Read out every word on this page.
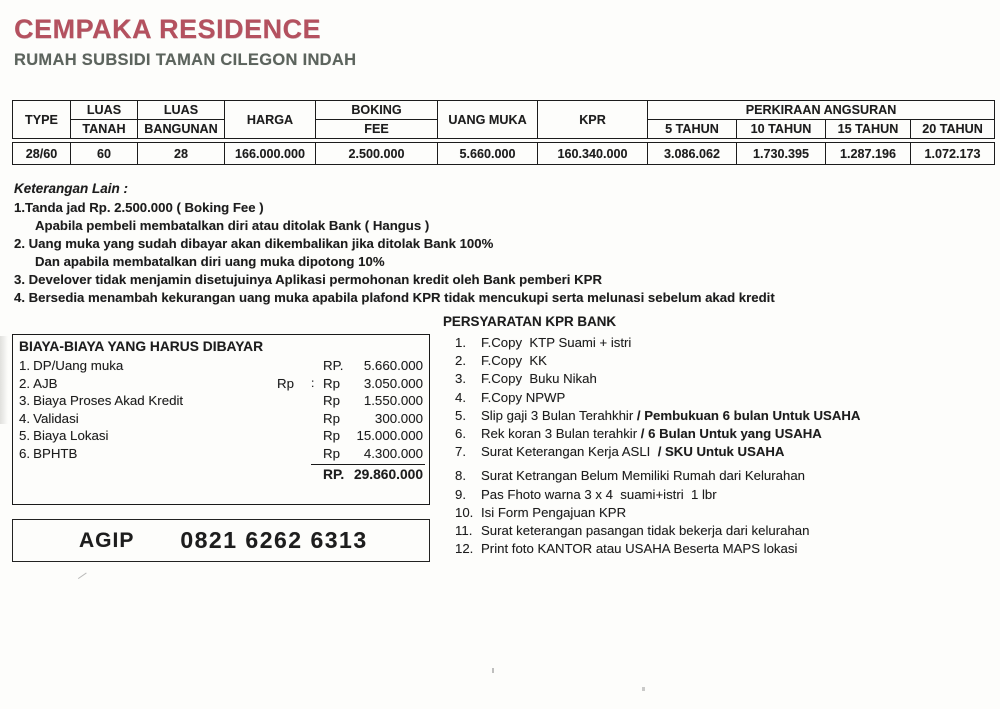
CEMPAKA RESIDENCE
RUMAH SUBSIDI TAMAN CILEGON INDAH
TYPE	LUAS	LUAS	HARGA	BOKING	UANG MUKA	KPR	PERKIRAAN ANGSURAN			
	TANAH	BANGUNAN		FEE			5 TAHUN	10 TAHUN	15 TAHUN	20 TAHUN
28/60	60	28	166.000.000	2.500.000	5.660.000	160.340.000	3.086.062	1.730.395	1.287.196	1.072.173
Keterangan Lain :
1.Tanda jad Rp. 2.500.000 ( Boking Fee )
Apabila pembeli membatalkan diri atau ditolak Bank ( Hangus )
2. Uang muka yang sudah dibayar akan dikembalikan jika ditolak Bank 100%
Dan apabila membatalkan diri uang muka dipotong 10%
3. Develover tidak menjamin disetujuinya Aplikasi permohonan kredit oleh Bank pemberi KPR
4. Bersedia menambah kekurangan uang muka apabila plafond KPR tidak mencukupi serta melunasi sebelum akad kredit
BIAYA-BIAYA YANG HARUS DIBAYAR
1. DP/Uang muka	RP.	5.660.000
2. AJB	Rp : Rp	3.050.000
3. Biaya Proses Akad Kredit	Rp	1.550.000
4. Validasi	Rp	300.000
5. Biaya Lokasi	Rp	15.000.000
6. BPHTB	Rp	4.300.000
RP. 29.860.000
AGIP 0821 6262 6313
PERSYARATAN KPR BANK
1.	F.Copy  KTP Suami + istri
2.	F.Copy  KK
3.	F.Copy  Buku Nikah
4.	F.Copy NPWP
5.	Slip gaji 3 Bulan Terahkhir / Pembukuan 6 bulan Untuk USAHA
6.	Rek koran 3 Bulan terahkir / 6 Bulan Untuk yang USAHA
7.	Surat Keterangan Kerja ASLI / SKU Untuk USAHA
8.	Surat Ketrangan Belum Memiliki Rumah dari Kelurahan
9.	Pas Fhoto warna 3 x 4  suami+istri  1 lbr
10. Isi Form Pengajuan KPR
11. Surat keterangan pasangan tidak bekerja dari kelurahan
12. Print foto KANTOR atau USAHA Beserta MAPS lokasi
